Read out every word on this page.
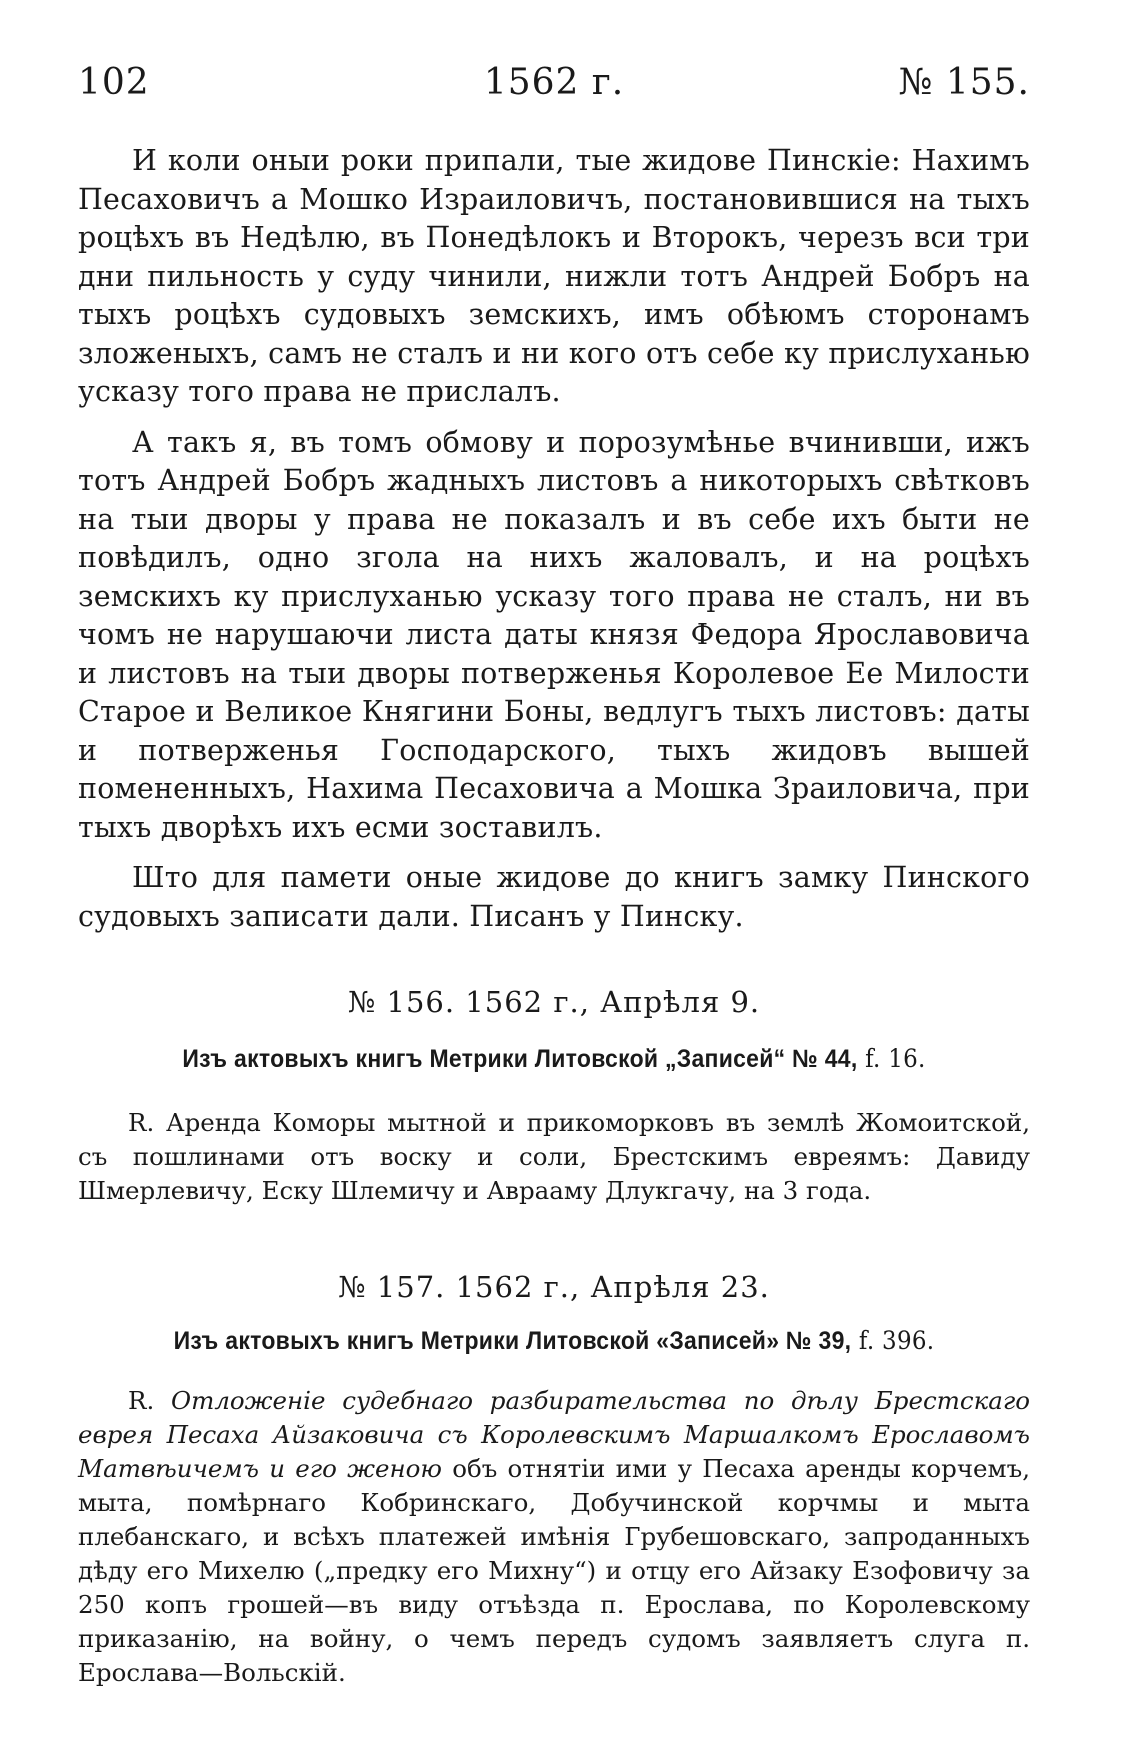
102	1562 г.	№ 155.

И коли оныи роки припали, тые жидове Пинскіе: Нахимъ Песаховичъ а Мошко Израиловичъ, постановившися на тыхъ роцѣхъ въ Недѣлю, въ Понедѣлокъ и Второкъ, черезъ вси три дни пильность у суду чинили, нижли тотъ Андрей Бобръ на тыхъ роцѣхъ судовыхъ земскихъ, имъ обѣюмъ сторонамъ зложеныхъ, самъ не сталъ и ни кого отъ себе ку прислуханью усказу того права не прислалъ.

А такъ я, въ томъ обмову и порозумѣнье вчинивши, ижъ тотъ Андрей Бобръ жадныхъ листовъ а никоторыхъ свѣтковъ на тыи дворы у права не показалъ и въ себе ихъ быти не повѣдилъ, одно згола на нихъ жаловалъ, и на роцѣхъ земскихъ ку прислуханью усказу того права не сталъ, ни въ чомъ не нарушаючи листа даты князя Федора Ярославовича и листовъ на тыи дворы потверженья Королевое Ее Милости Старое и Великое Княгини Боны, ведлугъ тыхъ листовъ: даты и потверженья Господарского, тыхъ жидовъ вышей помененныхъ, Нахима Песаховича а Мошка Зраиловича, при тыхъ дворѣхъ ихъ есми зоставилъ.

Што для памети оные жидове до книгъ замку Пинского судовыхъ записати дали. Писанъ у Пинску.

№ 156. 1562 г., Апрѣля 9.
Изъ актовыхъ книгъ Метрики Литовской „Записей“ № 44, f. 16.

R. Аренда Коморы мытной и прикоморковъ въ землѣ Жомоитской, съ пошлинами отъ воску и соли, Брестскимъ евреямъ: Давиду Шмерлевичу, Еску Шлемичу и Аврааму Длукгачу, на 3 года.

№ 157. 1562 г., Апрѣля 23.
Изъ актовыхъ книгъ Метрики Литовской «Записей» № 39, f. 396.

R. Отложеніе судебнаго разбирательства по дѣлу Брестскаго еврея Песаха Айзаковича съ Королевскимъ Маршалкомъ Ерославомъ Матвѣичемъ и его женою объ отнятіи ими у Песаха аренды корчемъ, мыта, помѣрнаго Кобринскаго, Добучинской корчмы и мыта плебанскаго, и всѣхъ платежей имѣнія Грубешовскаго, запроданныхъ дѣду его Михелю („предку его Михну“) и отцу его Айзаку Езофовичу за 250 копъ грошей—въ виду отъѣзда п. Ерослава, по Королевскому приказанію, на войну, о чемъ передъ судомъ заявляетъ слуга п. Ерослава—Вольскій.
